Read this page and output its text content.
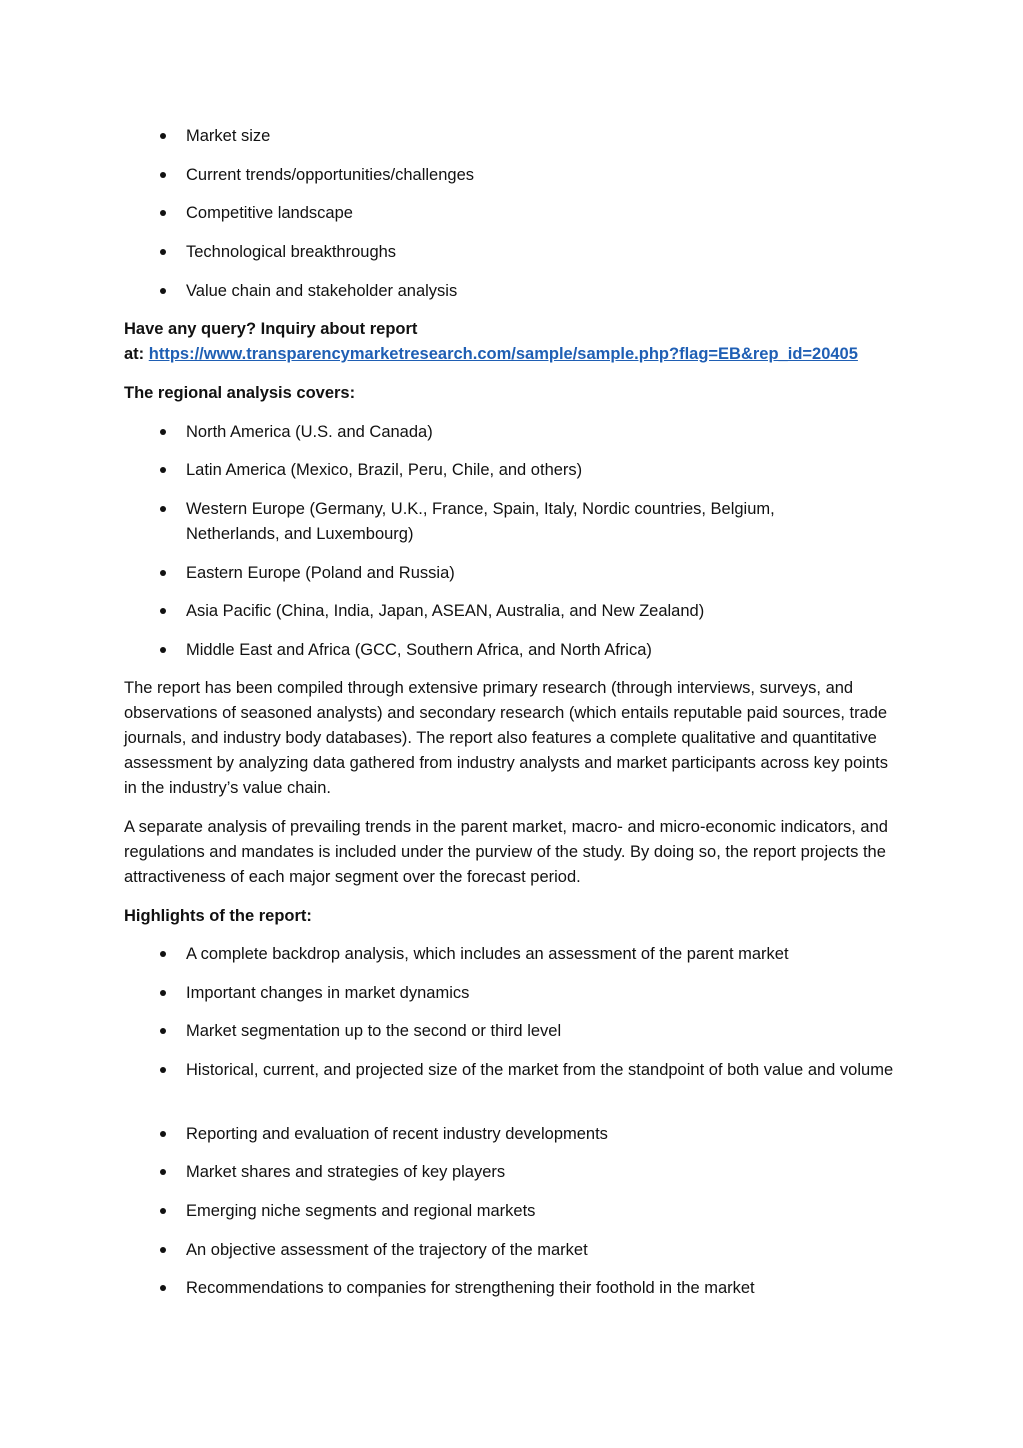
Market size
Current trends/opportunities/challenges
Competitive landscape
Technological breakthroughs
Value chain and stakeholder analysis
Have any query? Inquiry about report
at: https://www.transparencymarketresearch.com/sample/sample.php?flag=EB&rep_id=20405
The regional analysis covers:
North America (U.S. and Canada)
Latin America (Mexico, Brazil, Peru, Chile, and others)
Western Europe (Germany, U.K., France, Spain, Italy, Nordic countries, Belgium, Netherlands, and Luxembourg)
Eastern Europe (Poland and Russia)
Asia Pacific (China, India, Japan, ASEAN, Australia, and New Zealand)
Middle East and Africa (GCC, Southern Africa, and North Africa)
The report has been compiled through extensive primary research (through interviews, surveys, and observations of seasoned analysts) and secondary research (which entails reputable paid sources, trade journals, and industry body databases). The report also features a complete qualitative and quantitative assessment by analyzing data gathered from industry analysts and market participants across key points in the industry’s value chain.
A separate analysis of prevailing trends in the parent market, macro- and micro-economic indicators, and regulations and mandates is included under the purview of the study. By doing so, the report projects the attractiveness of each major segment over the forecast period.
Highlights of the report:
A complete backdrop analysis, which includes an assessment of the parent market
Important changes in market dynamics
Market segmentation up to the second or third level
Historical, current, and projected size of the market from the standpoint of both value and volume
Reporting and evaluation of recent industry developments
Market shares and strategies of key players
Emerging niche segments and regional markets
An objective assessment of the trajectory of the market
Recommendations to companies for strengthening their foothold in the market
